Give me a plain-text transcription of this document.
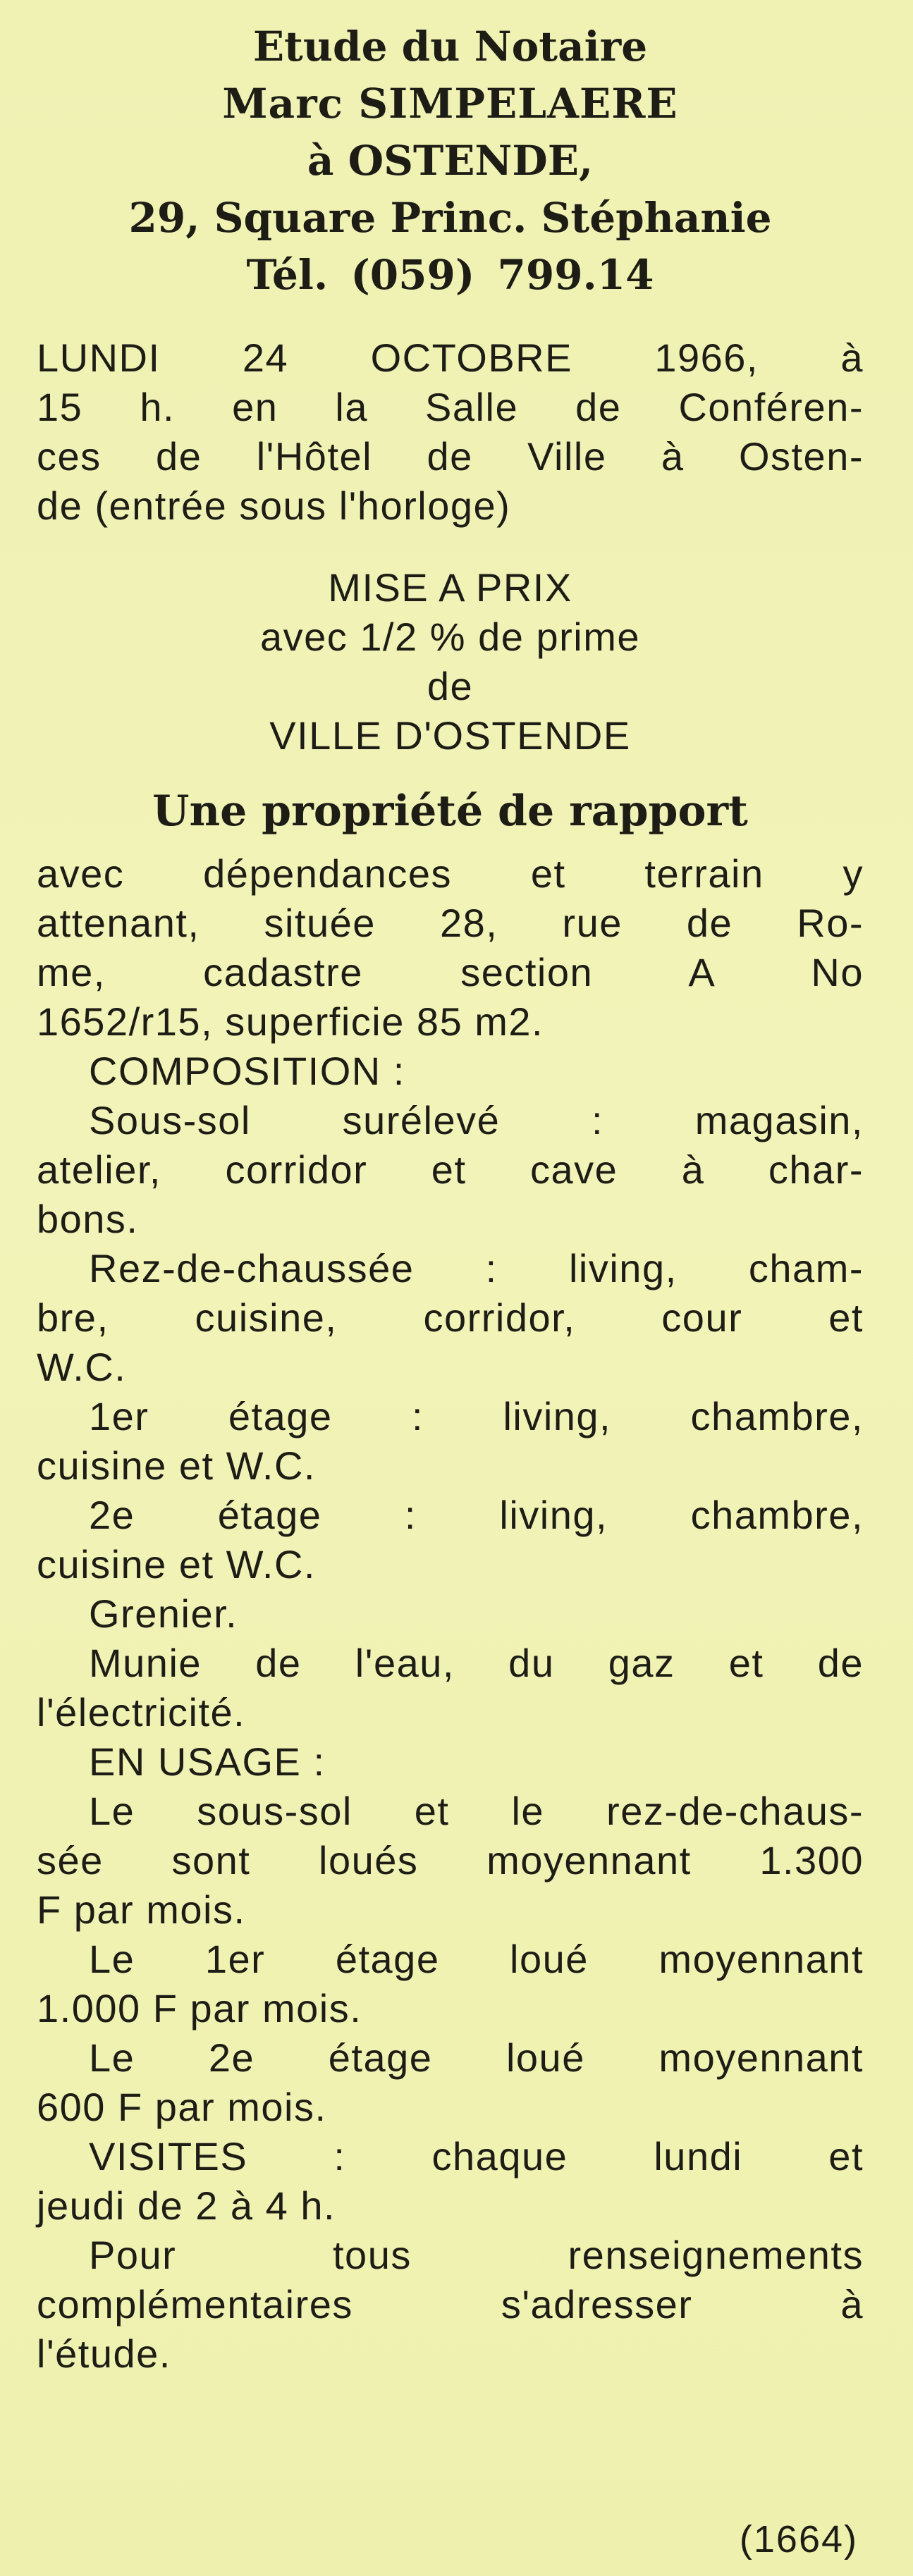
Etude du Notaire
Marc SIMPELAERE
à OSTENDE,
29, Square Princ. Stéphanie
Tél. (059) 799.14
LUNDI 24 OCTOBRE 1966, à
15 h. en la Salle de Conféren-
ces de l'Hôtel de Ville à Osten-
de (entrée sous l'horloge)
MISE A PRIX
avec 1/2 % de prime
de
VILLE D'OSTENDE
Une propriété de rapport
avec dépendances et terrain y
attenant, située 28, rue de Ro-
me, cadastre section A No
1652/r15, superficie 85 m2.
COMPOSITION :
Sous-sol surélevé : magasin,
atelier, corridor et cave à char-
bons.
Rez-de-chaussée : living, cham-
bre, cuisine, corridor, cour et
W.C.
1er étage : living, chambre,
cuisine et W.C.
2e étage : living, chambre,
cuisine et W.C.
Grenier.
Munie de l'eau, du gaz et de
l'électricité.
EN USAGE :
Le sous-sol et le rez-de-chaus-
sée sont loués moyennant 1.300
F par mois.
Le 1er étage loué moyennant
1.000 F par mois.
Le 2e étage loué moyennant
600 F par mois.
VISITES : chaque lundi et
jeudi de 2 à 4 h.
Pour tous renseignements
complémentaires s'adresser à
l'étude.
(1664)
